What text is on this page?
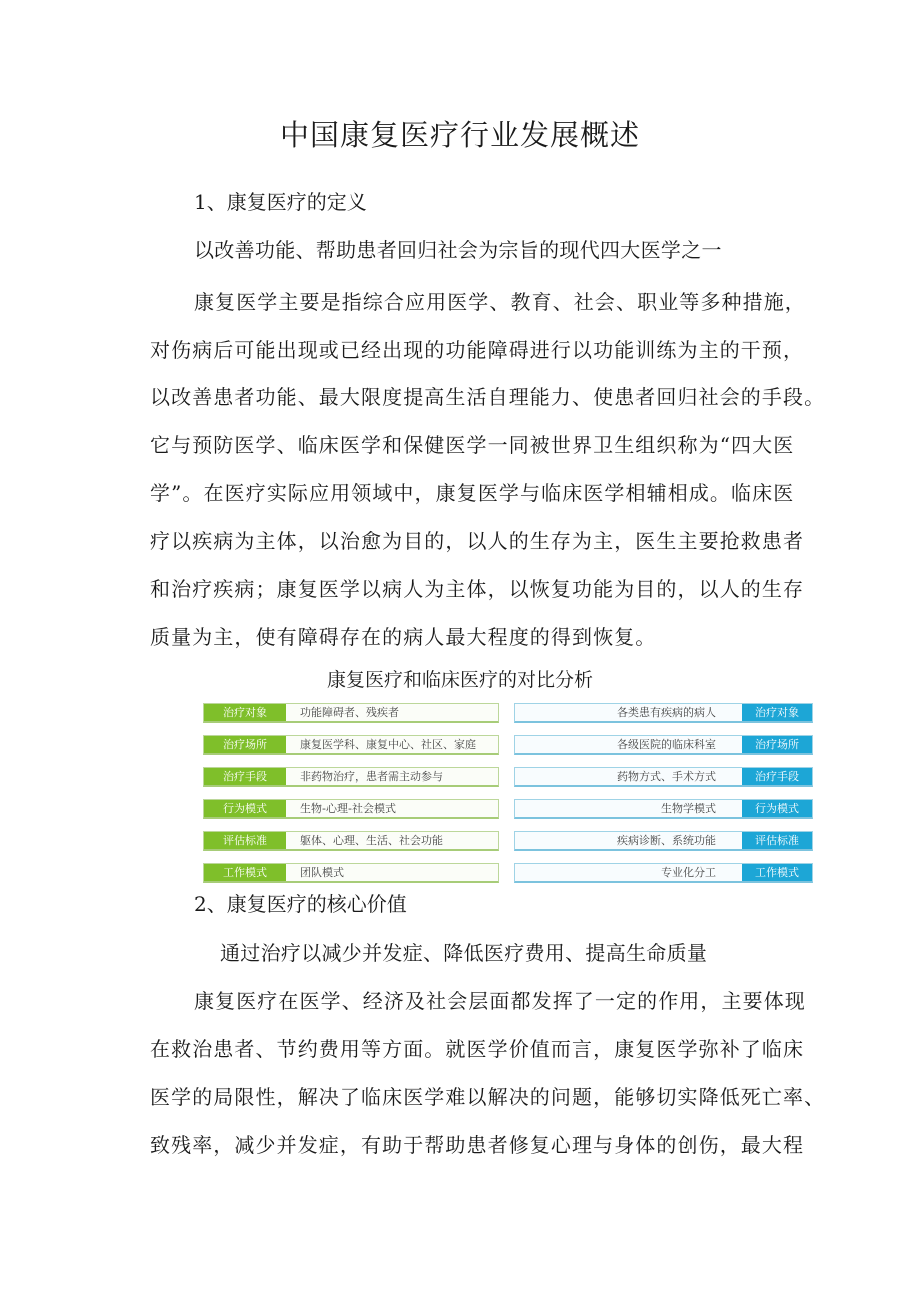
中国康复医疗行业发展概述
1、康复医疗的定义
以改善功能、帮助患者回归社会为宗旨的现代四大医学之一
康复医学主要是指综合应用医学、教育、社会、职业等多种措施，
对伤病后可能出现或已经出现的功能障碍进行以功能训练为主的干预，
以改善患者功能、最大限度提高生活自理能力、使患者回归社会的手段。
它与预防医学、临床医学和保健医学一同被世界卫生组织称为“四大医
学”。在医疗实际应用领域中，康复医学与临床医学相辅相成。临床医
疗以疾病为主体，以治愈为目的，以人的生存为主，医生主要抢救患者
和治疗疾病；康复医学以病人为主体，以恢复功能为目的，以人的生存
质量为主，使有障碍存在的病人最大程度的得到恢复。
康复医疗和临床医疗的对比分析
治疗对象	功能障碍者、残疾者	各类患有疾病的病人	治疗对象
治疗场所	康复医学科、康复中心、社区、家庭	各级医院的临床科室	治疗场所
治疗手段	非药物治疗，患者需主动参与	药物方式、手术方式	治疗手段
行为模式	生物-心理-社会模式	生物学模式	行为模式
评估标准	躯体、心理、生活、社会功能	疾病诊断、系统功能	评估标准
工作模式	团队模式	专业化分工	工作模式
2、康复医疗的核心价值
通过治疗以减少并发症、降低医疗费用、提高生命质量
康复医疗在医学、经济及社会层面都发挥了一定的作用，主要体现
在救治患者、节约费用等方面。就医学价值而言，康复医学弥补了临床
医学的局限性，解决了临床医学难以解决的问题，能够切实降低死亡率、
致残率，减少并发症，有助于帮助患者修复心理与身体的创伤，最大程
